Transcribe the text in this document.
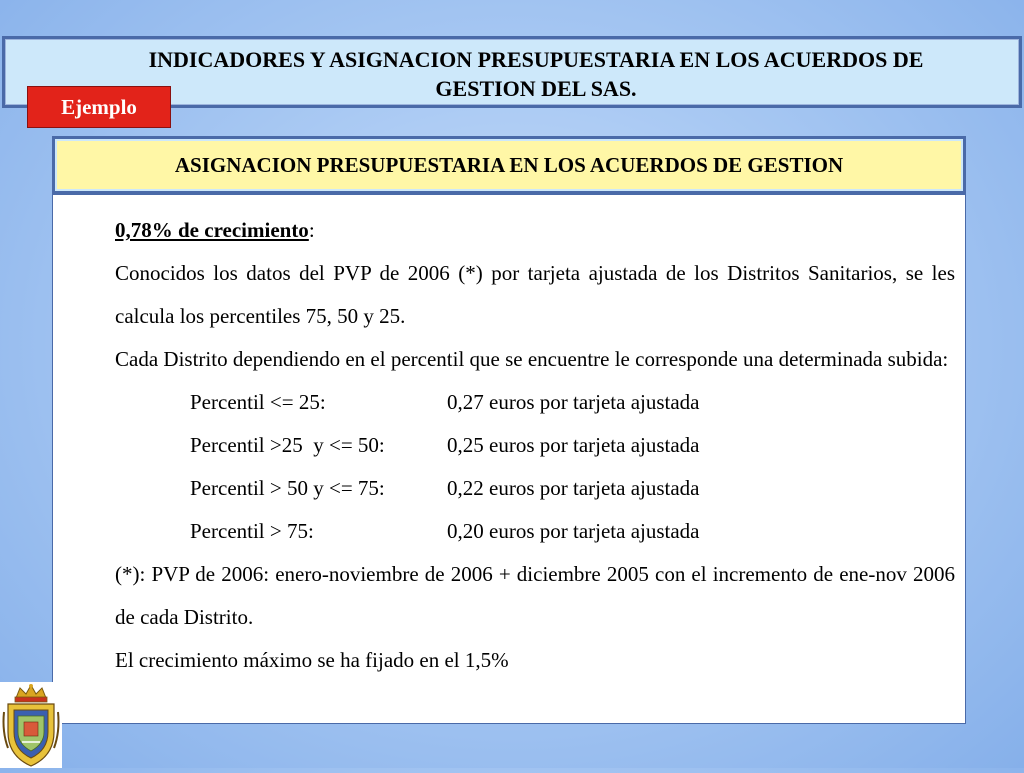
INDICADORES Y ASIGNACION PRESUPUESTARIA EN LOS ACUERDOS DE
GESTION DEL SAS.
Ejemplo
ASIGNACION PRESUPUESTARIA EN LOS ACUERDOS DE GESTION

0,78% de crecimiento:

Conocidos los datos del PVP de 2006 (*) por tarjeta ajustada de los Distritos Sanitarios, se les calcula los percentiles 75, 50 y 25.

Cada Distrito dependiendo en el percentil que se encuentre le corresponde una determinada subida:

Percentil <= 25:	0,27 euros por tarjeta ajustada
Percentil >25  y <= 50:	0,25 euros por tarjeta ajustada
Percentil > 50 y <= 75:	0,22 euros por tarjeta ajustada
Percentil > 75:	0,20 euros por tarjeta ajustada

(*): PVP de 2006: enero-noviembre de 2006 + diciembre 2005 con el incremento de ene-nov 2006 de cada Distrito.

El crecimiento máximo se ha fijado en el 1,5%
